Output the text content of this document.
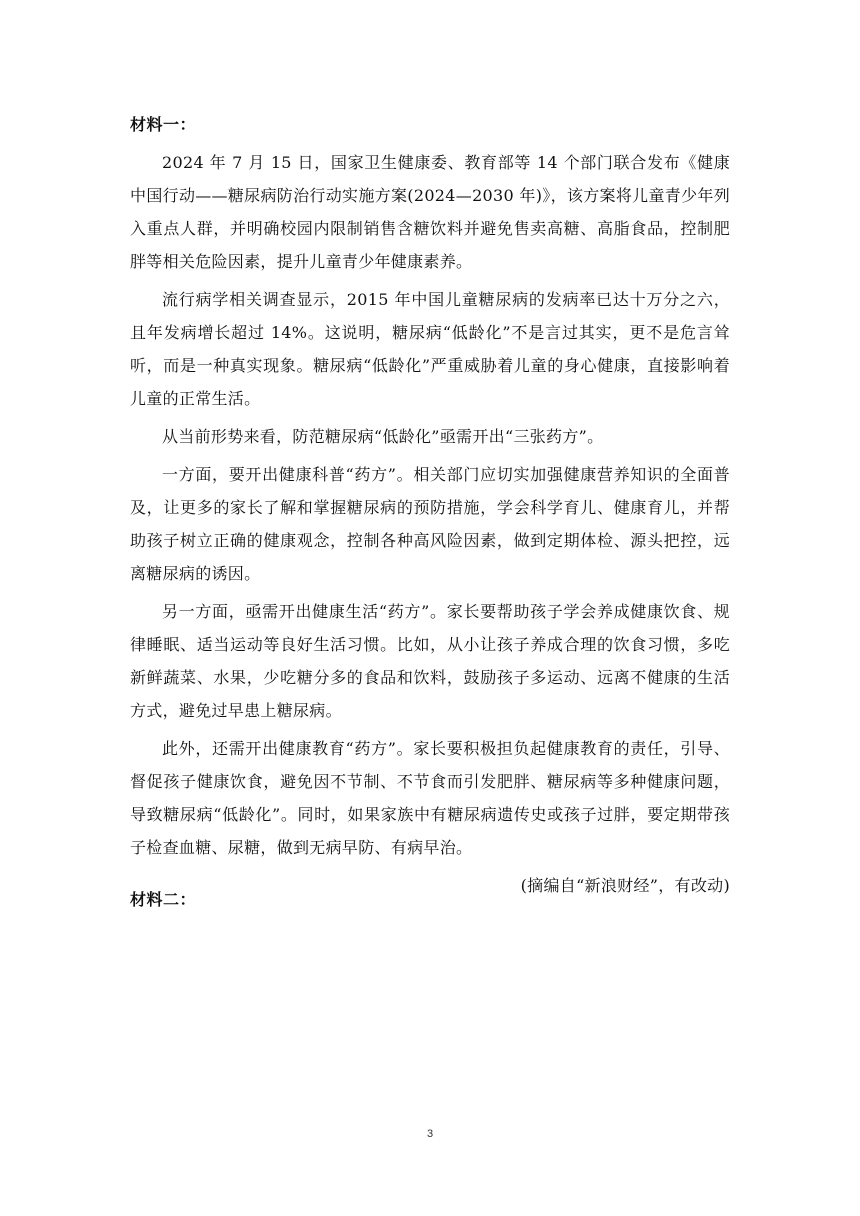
材料一：

2024 年 7 月 15 日，国家卫生健康委、教育部等 14 个部门联合发布《健康中国行动——糖尿病防治行动实施方案(2024—2030 年)》，该方案将儿童青少年列入重点人群，并明确校园内限制销售含糖饮料并避免售卖高糖、高脂食品，控制肥胖等相关危险因素，提升儿童青少年健康素养。

流行病学相关调查显示，2015 年中国儿童糖尿病的发病率已达十万分之六，且年发病增长超过 14%。这说明，糖尿病“低龄化”不是言过其实，更不是危言耸听，而是一种真实现象。糖尿病“低龄化”严重威胁着儿童的身心健康，直接影响着儿童的正常生活。

从当前形势来看，防范糖尿病“低龄化”亟需开出“三张药方”。

一方面，要开出健康科普“药方”。相关部门应切实加强健康营养知识的全面普及，让更多的家长了解和掌握糖尿病的预防措施，学会科学育儿、健康育儿，并帮助孩子树立正确的健康观念，控制各种高风险因素，做到定期体检、源头把控，远离糖尿病的诱因。

另一方面，亟需开出健康生活“药方”。家长要帮助孩子学会养成健康饮食、规律睡眠、适当运动等良好生活习惯。比如，从小让孩子养成合理的饮食习惯，多吃新鲜蔬菜、水果，少吃糖分多的食品和饮料，鼓励孩子多运动、远离不健康的生活方式，避免过早患上糖尿病。

此外，还需开出健康教育“药方”。家长要积极担负起健康教育的责任，引导、督促孩子健康饮食，避免因不节制、不节食而引发肥胖、糖尿病等多种健康问题，导致糖尿病“低龄化”。同时，如果家族中有糖尿病遗传史或孩子过胖，要定期带孩子检查血糖、尿糖，做到无病早防、有病早治。

(摘编自“新浪财经”，有改动)

材料二：
3
